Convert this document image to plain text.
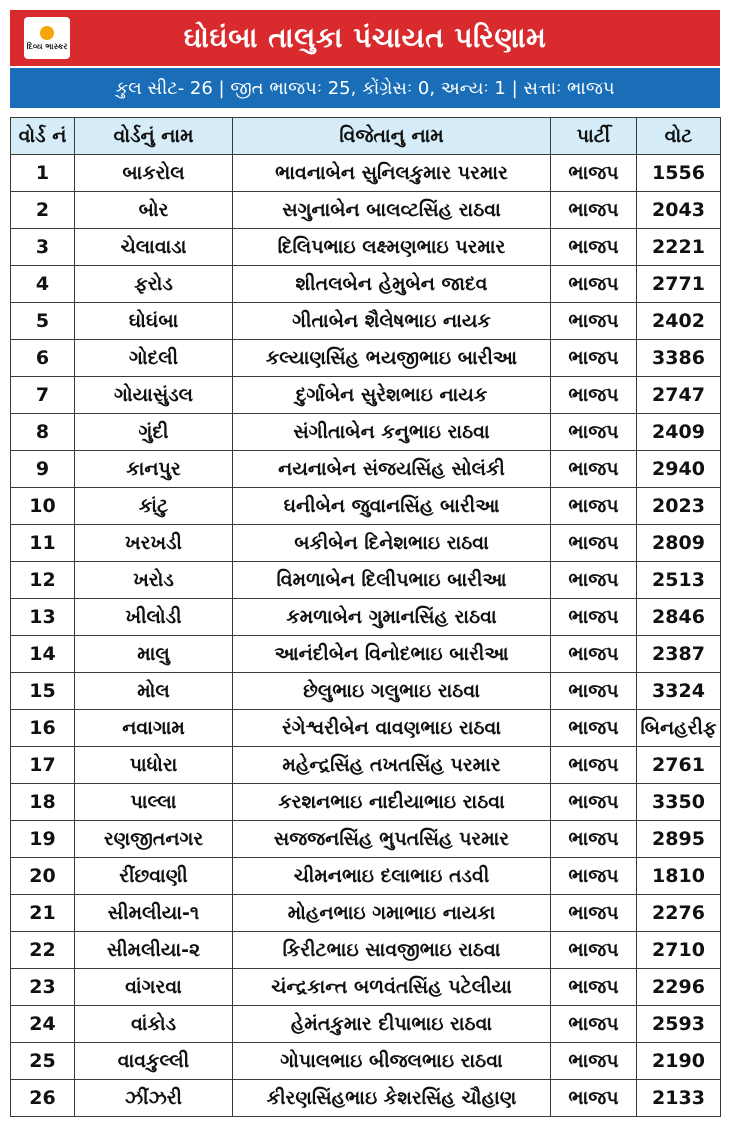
દિવ્ય ભાસ્કર	ઘોઘંબા તાલુકા પંચાયત પરિણામ
કુલ સીટ- 26 | જીત ભાજપઃ 25, કોંગ્રેસઃ 0, અન્યઃ 1 | સત્તાઃ ભાજપ
વોર્ડ નં	વોર્ડનું નામ	વિજેતાનુ નામ	પાર્ટી	વોટ
1	બાકરોલ	ભાવનાબેન સુનિલકુમાર પરમાર	ભાજપ	1556
2	બોર	સગુનાબેન બાલવ્ટસિંહ રાઠવા	ભાજપ	2043
3	ચેલાવાડા	દિલિપભાઇ લક્ષ્મણભાઇ પરમાર	ભાજપ	2221
4	ફરોડ	શીતલબેન હેમુબેન જાદવ	ભાજપ	2771
5	ઘોઘંબા	ગીતાબેન શૈલેષભાઇ નાયક	ભાજપ	2402
6	ગોદલી	કલ્યાણસિંહ ભયજીભાઇ બારીઆ	ભાજપ	3386
7	ગોયાસુંડલ	દુર્ગાબેન સુરેશભાઇ નાયક	ભાજપ	2747
8	ગુંદી	સંગીતાબેન કનુભાઇ રાઠવા	ભાજપ	2409
9	કાનપુર	નયનાબેન સંજયસિંહ સોલંકી	ભાજપ	2940
10	કાંટુ	ઘનીબેન જુવાનસિંહ બારીઆ	ભાજપ	2023
11	ખરખડી	બકીબેન દિનેશભાઇ રાઠવા	ભાજપ	2809
12	ખરોડ	વિમળાબેન દિલીપભાઇ બારીઆ	ભાજપ	2513
13	ખીલોડી	કમળાબેન ગુમાનસિંહ રાઠવા	ભાજપ	2846
14	માલુ	આનંદીબેન વિનોદભાઇ બારીઆ	ભાજપ	2387
15	મોલ	છેલુભાઇ ગલુભાઇ રાઠવા	ભાજપ	3324
16	નવાગામ	રંગેશ્વરીબેન વાવણભાઇ રાઠવા	ભાજપ	બિનહરીફ
17	પાધોરા	મહેન્દ્રસિંહ તખતસિંહ પરમાર	ભાજપ	2761
18	પાલ્લા	કરશનભાઇ નાદીયાભાઇ રાઠવા	ભાજપ	3350
19	રણજીતનગર	સજજનસિંહ ભુપતસિંહ પરમાર	ભાજપ	2895
20	રીંછવાણી	ચીમનભાઇ દલાભાઇ તડવી	ભાજપ	1810
21	સીમલીયા-૧	મોહનભાઇ ગમાભાઇ નાયકા	ભાજપ	2276
22	સીમલીયા-૨	કિરીટભાઇ સાવજીભાઇ રાઠવા	ભાજપ	2710
23	વાંગરવા	ચંન્દ્રકાન્ત બળવંતસિંહ પટેલીયા	ભાજપ	2296
24	વાંકોડ	હેમંતકુમાર દીપાભાઇ રાઠવા	ભાજપ	2593
25	વાવકુલ્લી	ગોપાલભાઇ બીજલભાઇ રાઠવા	ભાજપ	2190
26	ઝીંઝરી	કીરણસિંહભાઇ કેશરસિંહ ચૌહાણ	ભાજપ	2133
